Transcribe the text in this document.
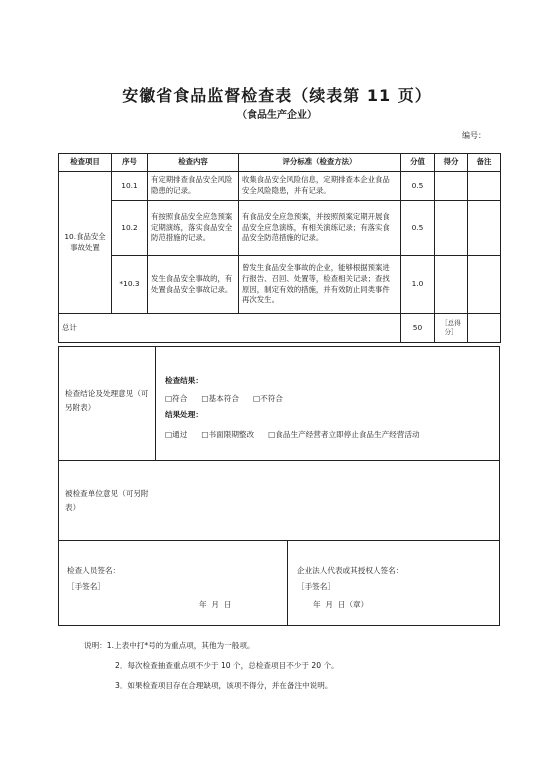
安徽省食品监督检查表（续表第 11 页）
（食品生产企业）
编号：
检查项目	序号	检查内容	评分标准（检查方法）	分值	得分	备注
10.食品安全事故处置	10.1	有定期排查食品安全风险隐患的记录。	收集食品安全风险信息，定期排查本企业食品安全风险隐患，并有记录。	0.5		
	10.2	有按照食品安全应急预案定期演练，落实食品安全防范措施的记录。	有食品安全应急预案，并按照预案定期开展食品安全应急演练，有相关演练记录；有落实食品安全防范措施的记录。	0.5		
	*10.3	发生食品安全事故的，有处置食品安全事故记录。	曾发生食品安全事故的企业，能够根据预案进行报告、召回、处置等，检查相关记录；查找原因，制定有效的措施，并有效防止同类事件再次发生。	1.0		
总计				50	［总得分］	
检查结论及处理意见（可另附表）
检查结果：
□符合 □基本符合 □不符合
结果处理：
□通过 □书面限期整改 □食品生产经营者立即停止食品生产经营活动
被检查单位意见（可另附表）
检查人员签名：
［手签名］
年  月  日
企业法人代表或其授权人签名：
［手签名］
年  月  日（章）
说明：1.上表中打*号的为重点项，其他为一般项。
2．每次检查抽查重点项不少于 10 个，总检查项目不少于 20 个。
3．如果检查项目存在合理缺项，该项不得分，并在备注中说明。
